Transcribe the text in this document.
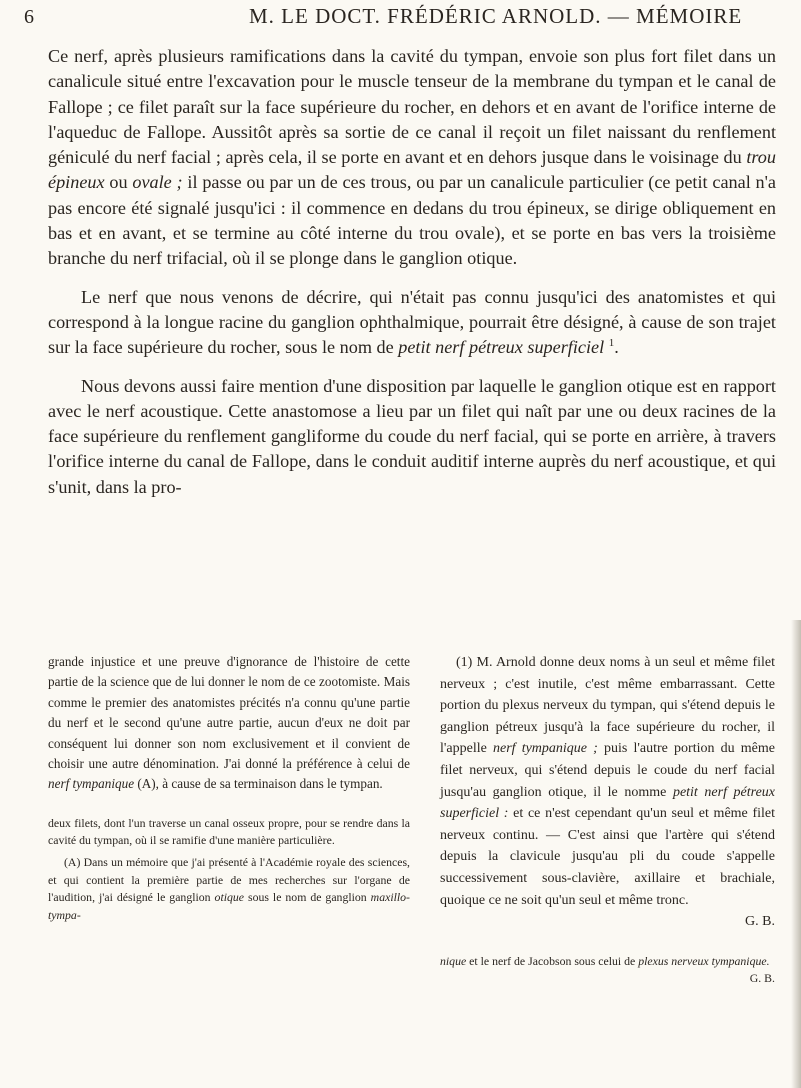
6	M. LE DOCT. FRÉDÉRIC ARNOLD. — MÉMOIRE

Ce nerf, après plusieurs ramifications dans la cavité du tympan, envoie son plus fort filet dans un canalicule situé entre l'excavation pour le muscle tenseur de la membrane du tympan et le canal de Fallope ; ce filet paraît sur la face supérieure du rocher, en dehors et en avant de l'orifice interne de l'aqueduc de Fallope. Aussitôt après sa sortie de ce canal il reçoit un filet naissant du renflement géniculé du nerf facial ; après cela, il se porte en avant et en dehors jusque dans le voisinage du trou épineux ou ovale ; il passe ou par un de ces trous, ou par un canalicule particulier (ce petit canal n'a pas encore été signalé jusqu'ici : il commence en dedans du trou épineux, se dirige obliquement en bas et en avant, et se termine au côté interne du trou ovale), et se porte en bas vers la troisième branche du nerf trifacial, où il se plonge dans le ganglion otique.

Le nerf que nous venons de décrire, qui n'était pas connu jusqu'ici des anatomistes et qui correspond à la longue racine du ganglion ophthalmique, pourrait être désigné, à cause de son trajet sur la face supérieure du rocher, sous le nom de petit nerf pétreux superficiel $^1$.

Nous devons aussi faire mention d'une disposition par laquelle le ganglion otique est en rapport avec le nerf acoustique. Cette anastomose a lieu par un filet qui naît par une ou deux racines de la face supérieure du renflement gangliforme du coude du nerf facial, qui se porte en arrière, à travers l'orifice interne du canal de Fallope, dans le conduit auditif interne auprès du nerf acoustique, et qui s'unit, dans la pro-

grande injustice et une preuve d'ignorance de l'histoire de cette partie de la science que de lui donner le nom de ce zootomiste. Mais comme le premier des anatomistes précités n'a connu qu'une partie du nerf et le second qu'une autre partie, aucun d'eux ne doit par conséquent lui donner son nom exclusivement et il convient de choisir une autre dénomination. J'ai donné la préférence à celui de nerf tympanique (A), à cause de sa terminaison dans le tympan.

deux filets, dont l'un traverse un canal osseux propre, pour se rendre dans la cavité du tympan, où il se ramifie d'une manière particulière.

(A) Dans un mémoire que j'ai présenté à l'Académie royale des sciences, et qui contient la première partie de mes recherches sur l'organe de l'audition, j'ai désigné le ganglion otique sous le nom de ganglion maxillo-tympa-

(1) M. Arnold donne deux noms à un seul et même filet nerveux ; c'est inutile, c'est même embarrassant. Cette portion du plexus nerveux du tympan, qui s'étend depuis le ganglion pétreux jusqu'à la face supérieure du rocher, il l'appelle nerf tympanique ; puis l'autre portion du même filet nerveux, qui s'étend depuis le coude du nerf facial jusqu'au ganglion otique, il le nomme petit nerf pétreux superficiel : et ce n'est cependant qu'un seul et même filet nerveux continu. — C'est ainsi que l'artère qui s'étend depuis la clavicule jusqu'au pli du coude s'appelle successivement sous-clavière, axillaire et brachiale, quoique ce ne soit qu'un seul et même tronc.

G. B.

nique et le nerf de Jacobson sous celui de plexus nerveux tympanique.
G. B.
